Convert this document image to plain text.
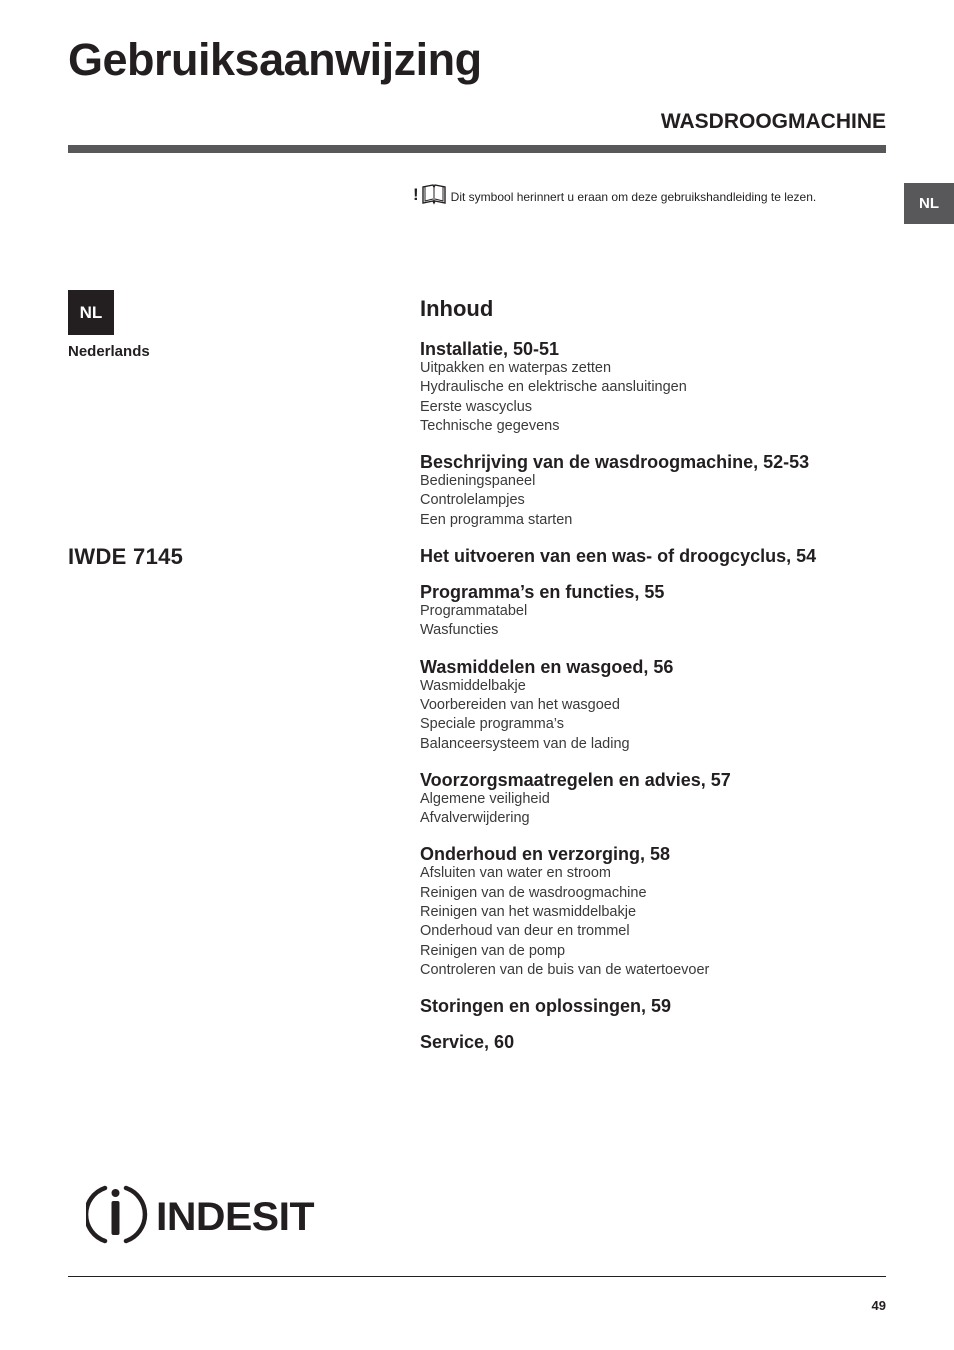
Gebruiksaanwijzing
WASDROOGMACHINE
!	Dit symbool herinnert u eraan om deze gebruikshandleiding te lezen.	NL
NL
Nederlands
IWDE 7145
Inhoud
Installatie, 50-51
Uitpakken en waterpas zetten
Hydraulische en elektrische aansluitingen
Eerste wascyclus
Technische gegevens
Beschrijving van de wasdroogmachine, 52-53
Bedieningspaneel
Controlelampjes
Een programma starten
Het uitvoeren van een was- of droogcyclus, 54
Programma’s en functies, 55
Programmatabel
Wasfuncties
Wasmiddelen en wasgoed, 56
Wasmiddelbakje
Voorbereiden van het wasgoed
Speciale programma’s
Balanceersysteem van de lading
Voorzorgsmaatregelen en advies, 57
Algemene veiligheid
Afvalverwijdering
Onderhoud en verzorging, 58
Afsluiten van water en stroom
Reinigen van de wasdroogmachine
Reinigen van het wasmiddelbakje
Onderhoud van deur en trommel
Reinigen van de pomp
Controleren van de buis van de watertoevoer
Storingen en oplossingen, 59
Service, 60
INDESIT
49
